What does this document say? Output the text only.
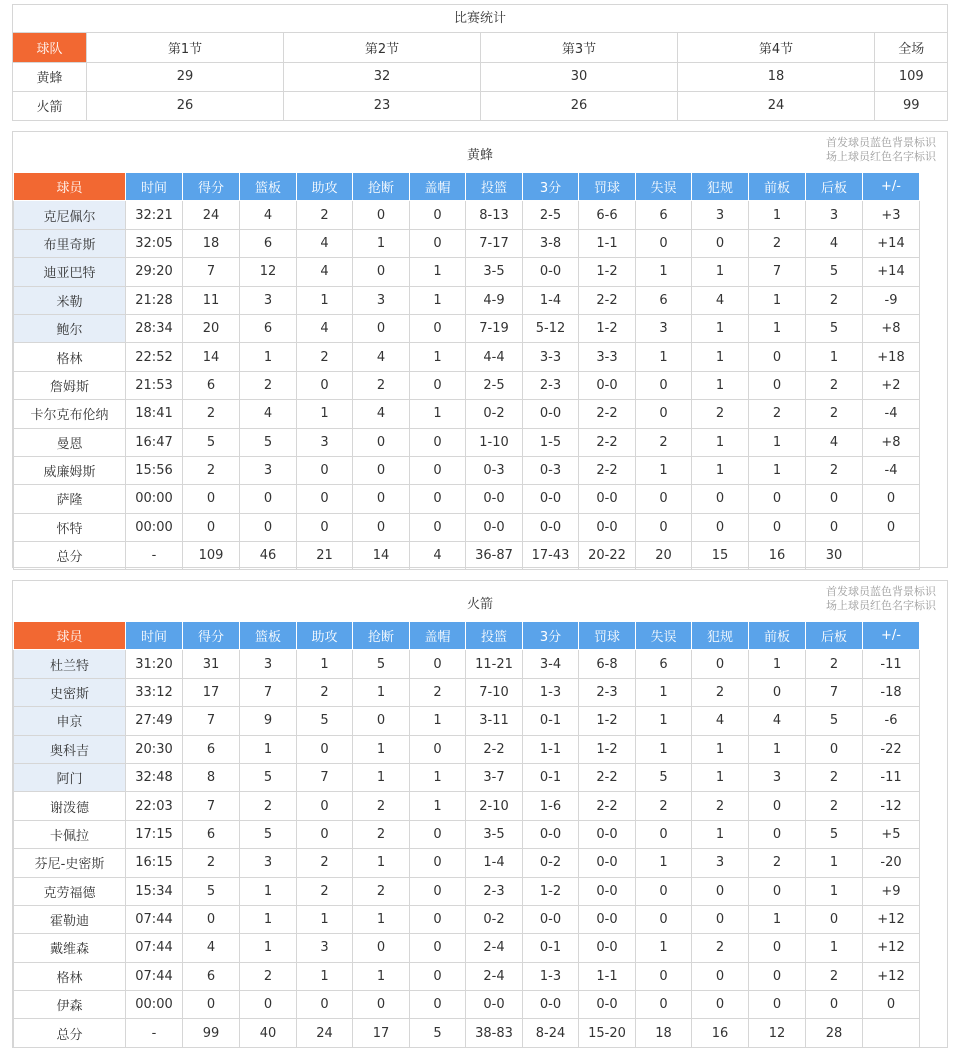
比赛统计
球队	第1节	第2节	第3节	第4节	全场
黄蜂	29	32	30	18	109
火箭	26	23	26	24	99
黄蜂
首发球员蓝色背景标识
场上球员红色名字标识
球员	时间	得分	篮板	助攻	抢断	盖帽	投篮	3分	罚球	失误	犯规	前板	后板	+/-
克尼佩尔	32:21	24	4	2	0	0	8-13	2-5	6-6	6	3	1	3	+3
布里奇斯	32:05	18	6	4	1	0	7-17	3-8	1-1	0	0	2	4	+14
迪亚巴特	29:20	7	12	4	0	1	3-5	0-0	1-2	1	1	7	5	+14
米勒	21:28	11	3	1	3	1	4-9	1-4	2-2	6	4	1	2	-9
鲍尔	28:34	20	6	4	0	0	7-19	5-12	1-2	3	1	1	5	+8
格林	22:52	14	1	2	4	1	4-4	3-3	3-3	1	1	0	1	+18
詹姆斯	21:53	6	2	0	2	0	2-5	2-3	0-0	0	1	0	2	+2
卡尔克布伦纳	18:41	2	4	1	4	1	0-2	0-0	2-2	0	2	2	2	-4
曼恩	16:47	5	5	3	0	0	1-10	1-5	2-2	2	1	1	4	+8
威廉姆斯	15:56	2	3	0	0	0	0-3	0-3	2-2	1	1	1	2	-4
萨隆	00:00	0	0	0	0	0	0-0	0-0	0-0	0	0	0	0	0
怀特	00:00	0	0	0	0	0	0-0	0-0	0-0	0	0	0	0	0
总分	-	109	46	21	14	4	36-87	17-43	20-22	20	15	16	30	
火箭
首发球员蓝色背景标识
场上球员红色名字标识
球员	时间	得分	篮板	助攻	抢断	盖帽	投篮	3分	罚球	失误	犯规	前板	后板	+/-
杜兰特	31:20	31	3	1	5	0	11-21	3-4	6-8	6	0	1	2	-11
史密斯	33:12	17	7	2	1	2	7-10	1-3	2-3	1	2	0	7	-18
申京	27:49	7	9	5	0	1	3-11	0-1	1-2	1	4	4	5	-6
奥科吉	20:30	6	1	0	1	0	2-2	1-1	1-2	1	1	1	0	-22
阿门	32:48	8	5	7	1	1	3-7	0-1	2-2	5	1	3	2	-11
谢泼德	22:03	7	2	0	2	1	2-10	1-6	2-2	2	2	0	2	-12
卡佩拉	17:15	6	5	0	2	0	3-5	0-0	0-0	0	1	0	5	+5
芬尼-史密斯	16:15	2	3	2	1	0	1-4	0-2	0-0	1	3	2	1	-20
克劳福德	15:34	5	1	2	2	0	2-3	1-2	0-0	0	0	0	1	+9
霍勒迪	07:44	0	1	1	1	0	0-2	0-0	0-0	0	0	1	0	+12
戴维森	07:44	4	1	3	0	0	2-4	0-1	0-0	1	2	0	1	+12
格林	07:44	6	2	1	1	0	2-4	1-3	1-1	0	0	0	2	+12
伊森	00:00	0	0	0	0	0	0-0	0-0	0-0	0	0	0	0	0
总分	-	99	40	24	17	5	38-83	8-24	15-20	18	16	12	28	
